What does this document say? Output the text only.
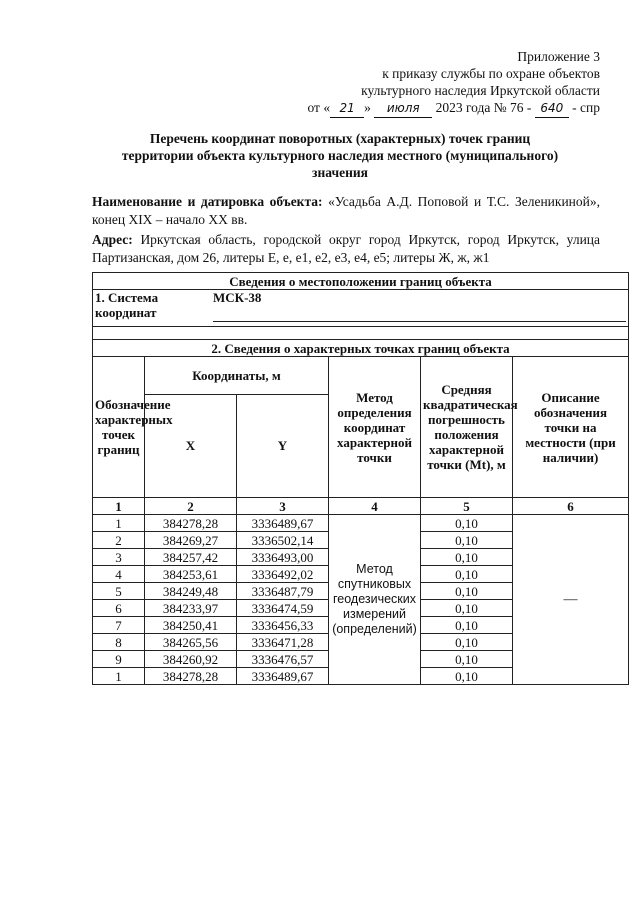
Приложение 3
к приказу службы по охране объектов
культурного наследия Иркутской области
от « 21 » июля 2023 года № 76 - 640 - спр
Перечень координат поворотных (характерных) точек границ
территории объекта культурного наследия местного (муниципального)
значения
Наименование и датировка объекта: «Усадьба А.Д. Поповой и Т.С. Зеленикиной», конец XIX – начало XX вв.
Адрес: Иркутская область, городской округ город Иркутск, город Иркутск, улица Партизанская, дом 26, литеры Е, е, е1, е2, е3, е4, е5; литеры Ж, ж, ж1
Сведения о местоположении границ объекта					

1. Система координат
МСК-38					

2. Сведения о характерных точках границ объекта					
Обозначение характерных точек границ	Координаты, м		Метод определения координат характерной точки	Средняя квадратическая погрешность положения характерной точки (Mt), м	Описание обозначения точки на местности (при наличии)
	X	Y			
1	2	3	4	5	6
1	384278,28	3336489,67	Метод спутниковых геодезических измерений (определений)	0,10	—
2	384269,27	3336502,14		0,10	
3	384257,42	3336493,00		0,10	
4	384253,61	3336492,02		0,10	
5	384249,48	3336487,79		0,10	
6	384233,97	3336474,59		0,10	
7	384250,41	3336456,33		0,10	
8	384265,56	3336471,28		0,10	
9	384260,92	3336476,57		0,10	
1	384278,28	3336489,67		0,10	
